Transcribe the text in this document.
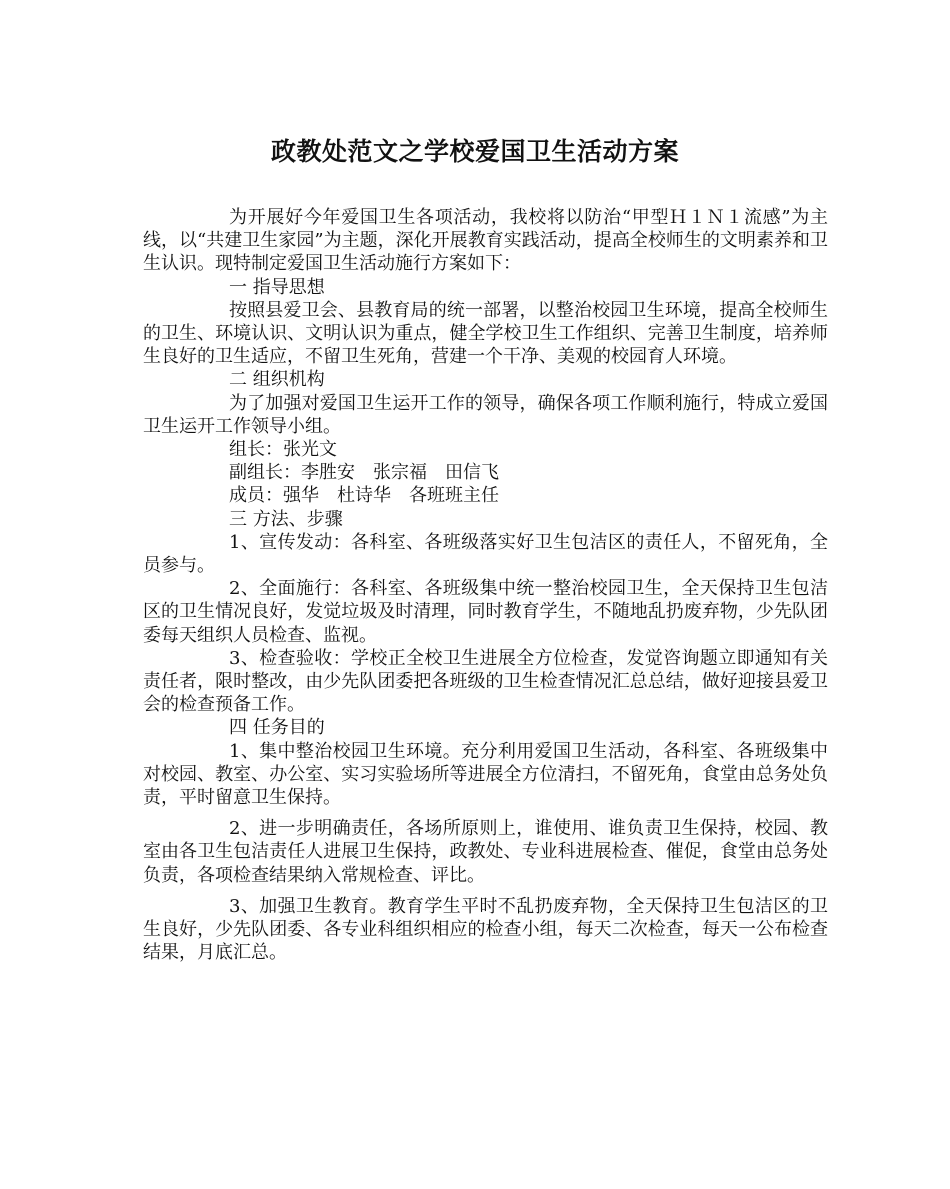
政教处范文之学校爱国卫生活动方案

为开展好今年爱国卫生各项活动，我校将以防治“甲型Ｈ１Ｎ１流感”为主线，以“共建卫生家园”为主题，深化开展教育实践活动，提高全校师生的文明素养和卫生认识。现特制定爱国卫生活动施行方案如下：

一 指导思想

按照县爱卫会、县教育局的统一部署，以整治校园卫生环境，提高全校师生的卫生、环境认识、文明认识为重点，健全学校卫生工作组织、完善卫生制度，培养师生良好的卫生适应，不留卫生死角，营建一个干净、美观的校园育人环境。

二 组织机构

为了加强对爱国卫生运开工作的领导，确保各项工作顺利施行，特成立爱国卫生运开工作领导小组。

组长：张光文

副组长：李胜安　张宗福　田信飞

成员：强华　杜诗华　各班班主任

三 方法、步骤

1、宣传发动：各科室、各班级落实好卫生包洁区的责任人，不留死角，全员参与。

2、全面施行：各科室、各班级集中统一整治校园卫生，全天保持卫生包洁区的卫生情况良好，发觉垃圾及时清理，同时教育学生，不随地乱扔废弃物，少先队团委每天组织人员检查、监视。

3、检查验收：学校正全校卫生进展全方位检查，发觉咨询题立即通知有关责任者，限时整改，由少先队团委把各班级的卫生检查情况汇总总结，做好迎接县爱卫会的检查预备工作。

四 任务目的

1、集中整治校园卫生环境。充分利用爱国卫生活动，各科室、各班级集中对校园、教室、办公室、实习实验场所等进展全方位清扫，不留死角，食堂由总务处负责，平时留意卫生保持。

2、进一步明确责任，各场所原则上，谁使用、谁负责卫生保持，校园、教室由各卫生包洁责任人进展卫生保持，政教处、专业科进展检查、催促，食堂由总务处负责，各项检查结果纳入常规检查、评比。

3、加强卫生教育。教育学生平时不乱扔废弃物，全天保持卫生包洁区的卫生良好，少先队团委、各专业科组织相应的检查小组，每天二次检查，每天一公布检查结果，月底汇总。
